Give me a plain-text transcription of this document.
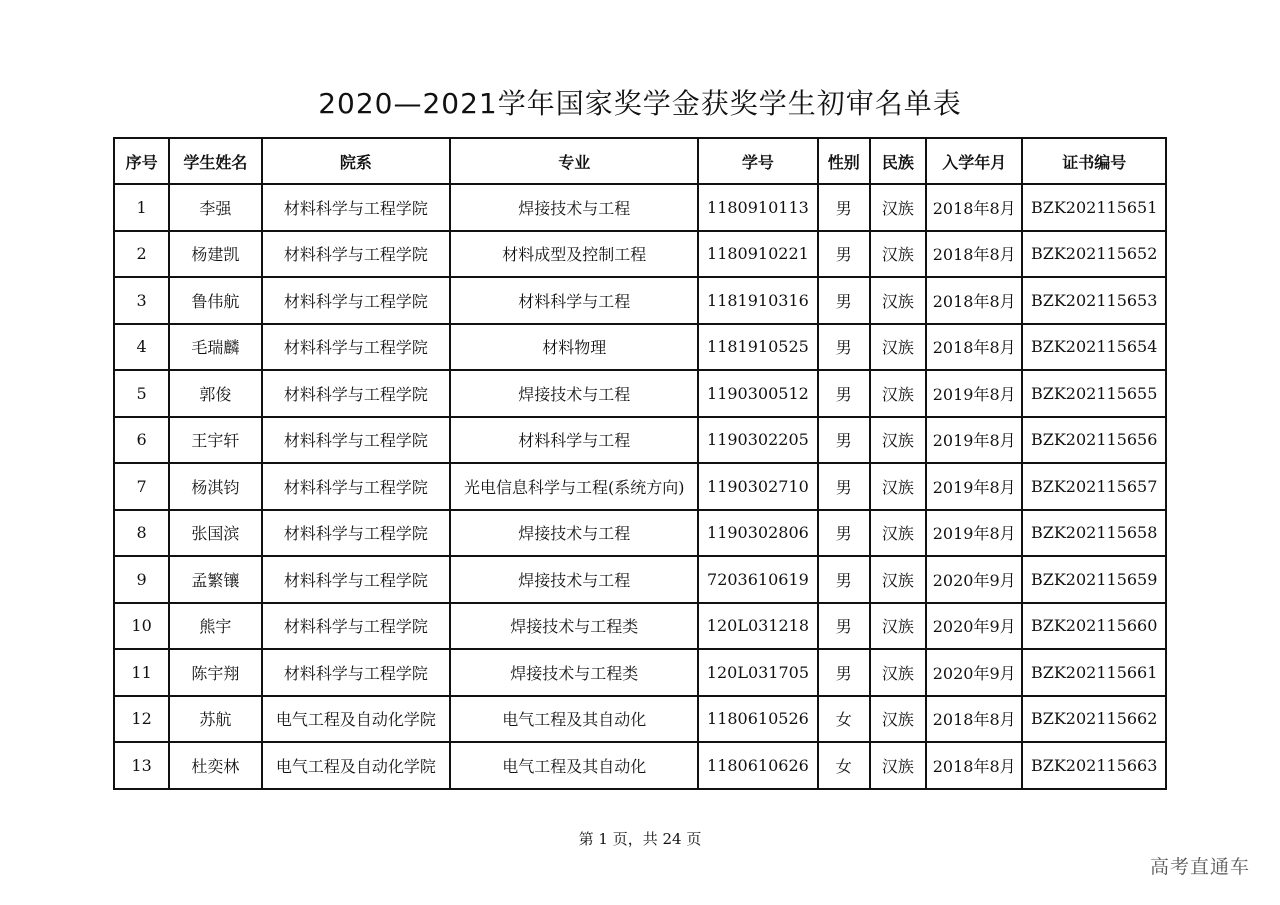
2020—2021学年国家奖学金获奖学生初审名单表
序号	学生姓名	院系	专业	学号	性别	民族	入学年月	证书编号
1	李强	材料科学与工程学院	焊接技术与工程	1180910113	男	汉族	2018年8月	BZK202115651
2	杨建凯	材料科学与工程学院	材料成型及控制工程	1180910221	男	汉族	2018年8月	BZK202115652
3	鲁伟航	材料科学与工程学院	材料科学与工程	1181910316	男	汉族	2018年8月	BZK202115653
4	毛瑞麟	材料科学与工程学院	材料物理	1181910525	男	汉族	2018年8月	BZK202115654
5	郭俊	材料科学与工程学院	焊接技术与工程	1190300512	男	汉族	2019年8月	BZK202115655
6	王宇轩	材料科学与工程学院	材料科学与工程	1190302205	男	汉族	2019年8月	BZK202115656
7	杨淇钧	材料科学与工程学院	光电信息科学与工程(系统方向)	1190302710	男	汉族	2019年8月	BZK202115657
8	张国滨	材料科学与工程学院	焊接技术与工程	1190302806	男	汉族	2019年8月	BZK202115658
9	孟繁镶	材料科学与工程学院	焊接技术与工程	7203610619	男	汉族	2020年9月	BZK202115659
10	熊宇	材料科学与工程学院	焊接技术与工程类	120L031218	男	汉族	2020年9月	BZK202115660
11	陈宇翔	材料科学与工程学院	焊接技术与工程类	120L031705	男	汉族	2020年9月	BZK202115661
12	苏航	电气工程及自动化学院	电气工程及其自动化	1180610526	女	汉族	2018年8月	BZK202115662
13	杜奕林	电气工程及自动化学院	电气工程及其自动化	1180610626	女	汉族	2018年8月	BZK202115663
第 1 页，共 24 页
高考直通车
